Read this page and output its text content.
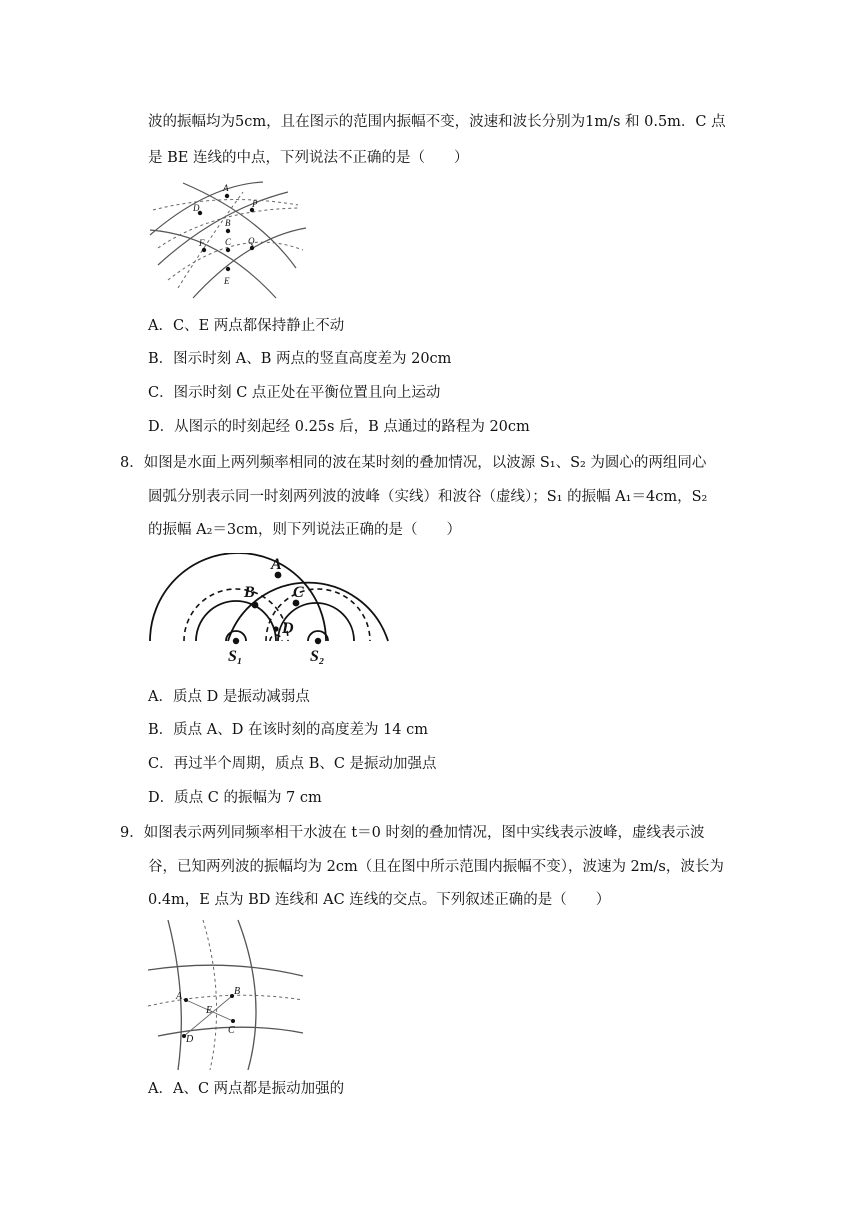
波的振幅均为5cm，且在图示的范围内振幅不变，波速和波长分别为1m/s 和 0.5m．C 点
是 BE 连线的中点，下列说法不正确的是（　　）
A
D	P
B
F C Q
E
A．C、E 两点都保持静止不动
B．图示时刻 A、B 两点的竖直高度差为 20cm
C．图示时刻 C 点正处在平衡位置且向上运动
D．从图示的时刻起经 0.25s 后，B 点通过的路程为 20cm
8．如图是水面上两列频率相同的波在某时刻的叠加情况，以波源 S₁、S₂ 为圆心的两组同心
圆弧分别表示同一时刻两列波的波峰（实线）和波谷（虚线）；S₁ 的振幅 A₁＝4cm，S₂
的振幅 A₂＝3cm，则下列说法正确的是（　　）
A
B C
D
S₁	S₂
A．质点 D 是振动减弱点
B．质点 A、D 在该时刻的高度差为 14 cm
C．再过半个周期，质点 B、C 是振动加强点
D．质点 C 的振幅为 7 cm
9．如图表示两列同频率相干水波在 t＝0 时刻的叠加情况，图中实线表示波峰，虚线表示波
谷，已知两列波的振幅均为 2cm（且在图中所示范围内振幅不变），波速为 2m/s，波长为
0.4m，E 点为 BD 连线和 AC 连线的交点。下列叙述正确的是（　　）
A	B
C
D
E
A．A、C 两点都是振动加强的
